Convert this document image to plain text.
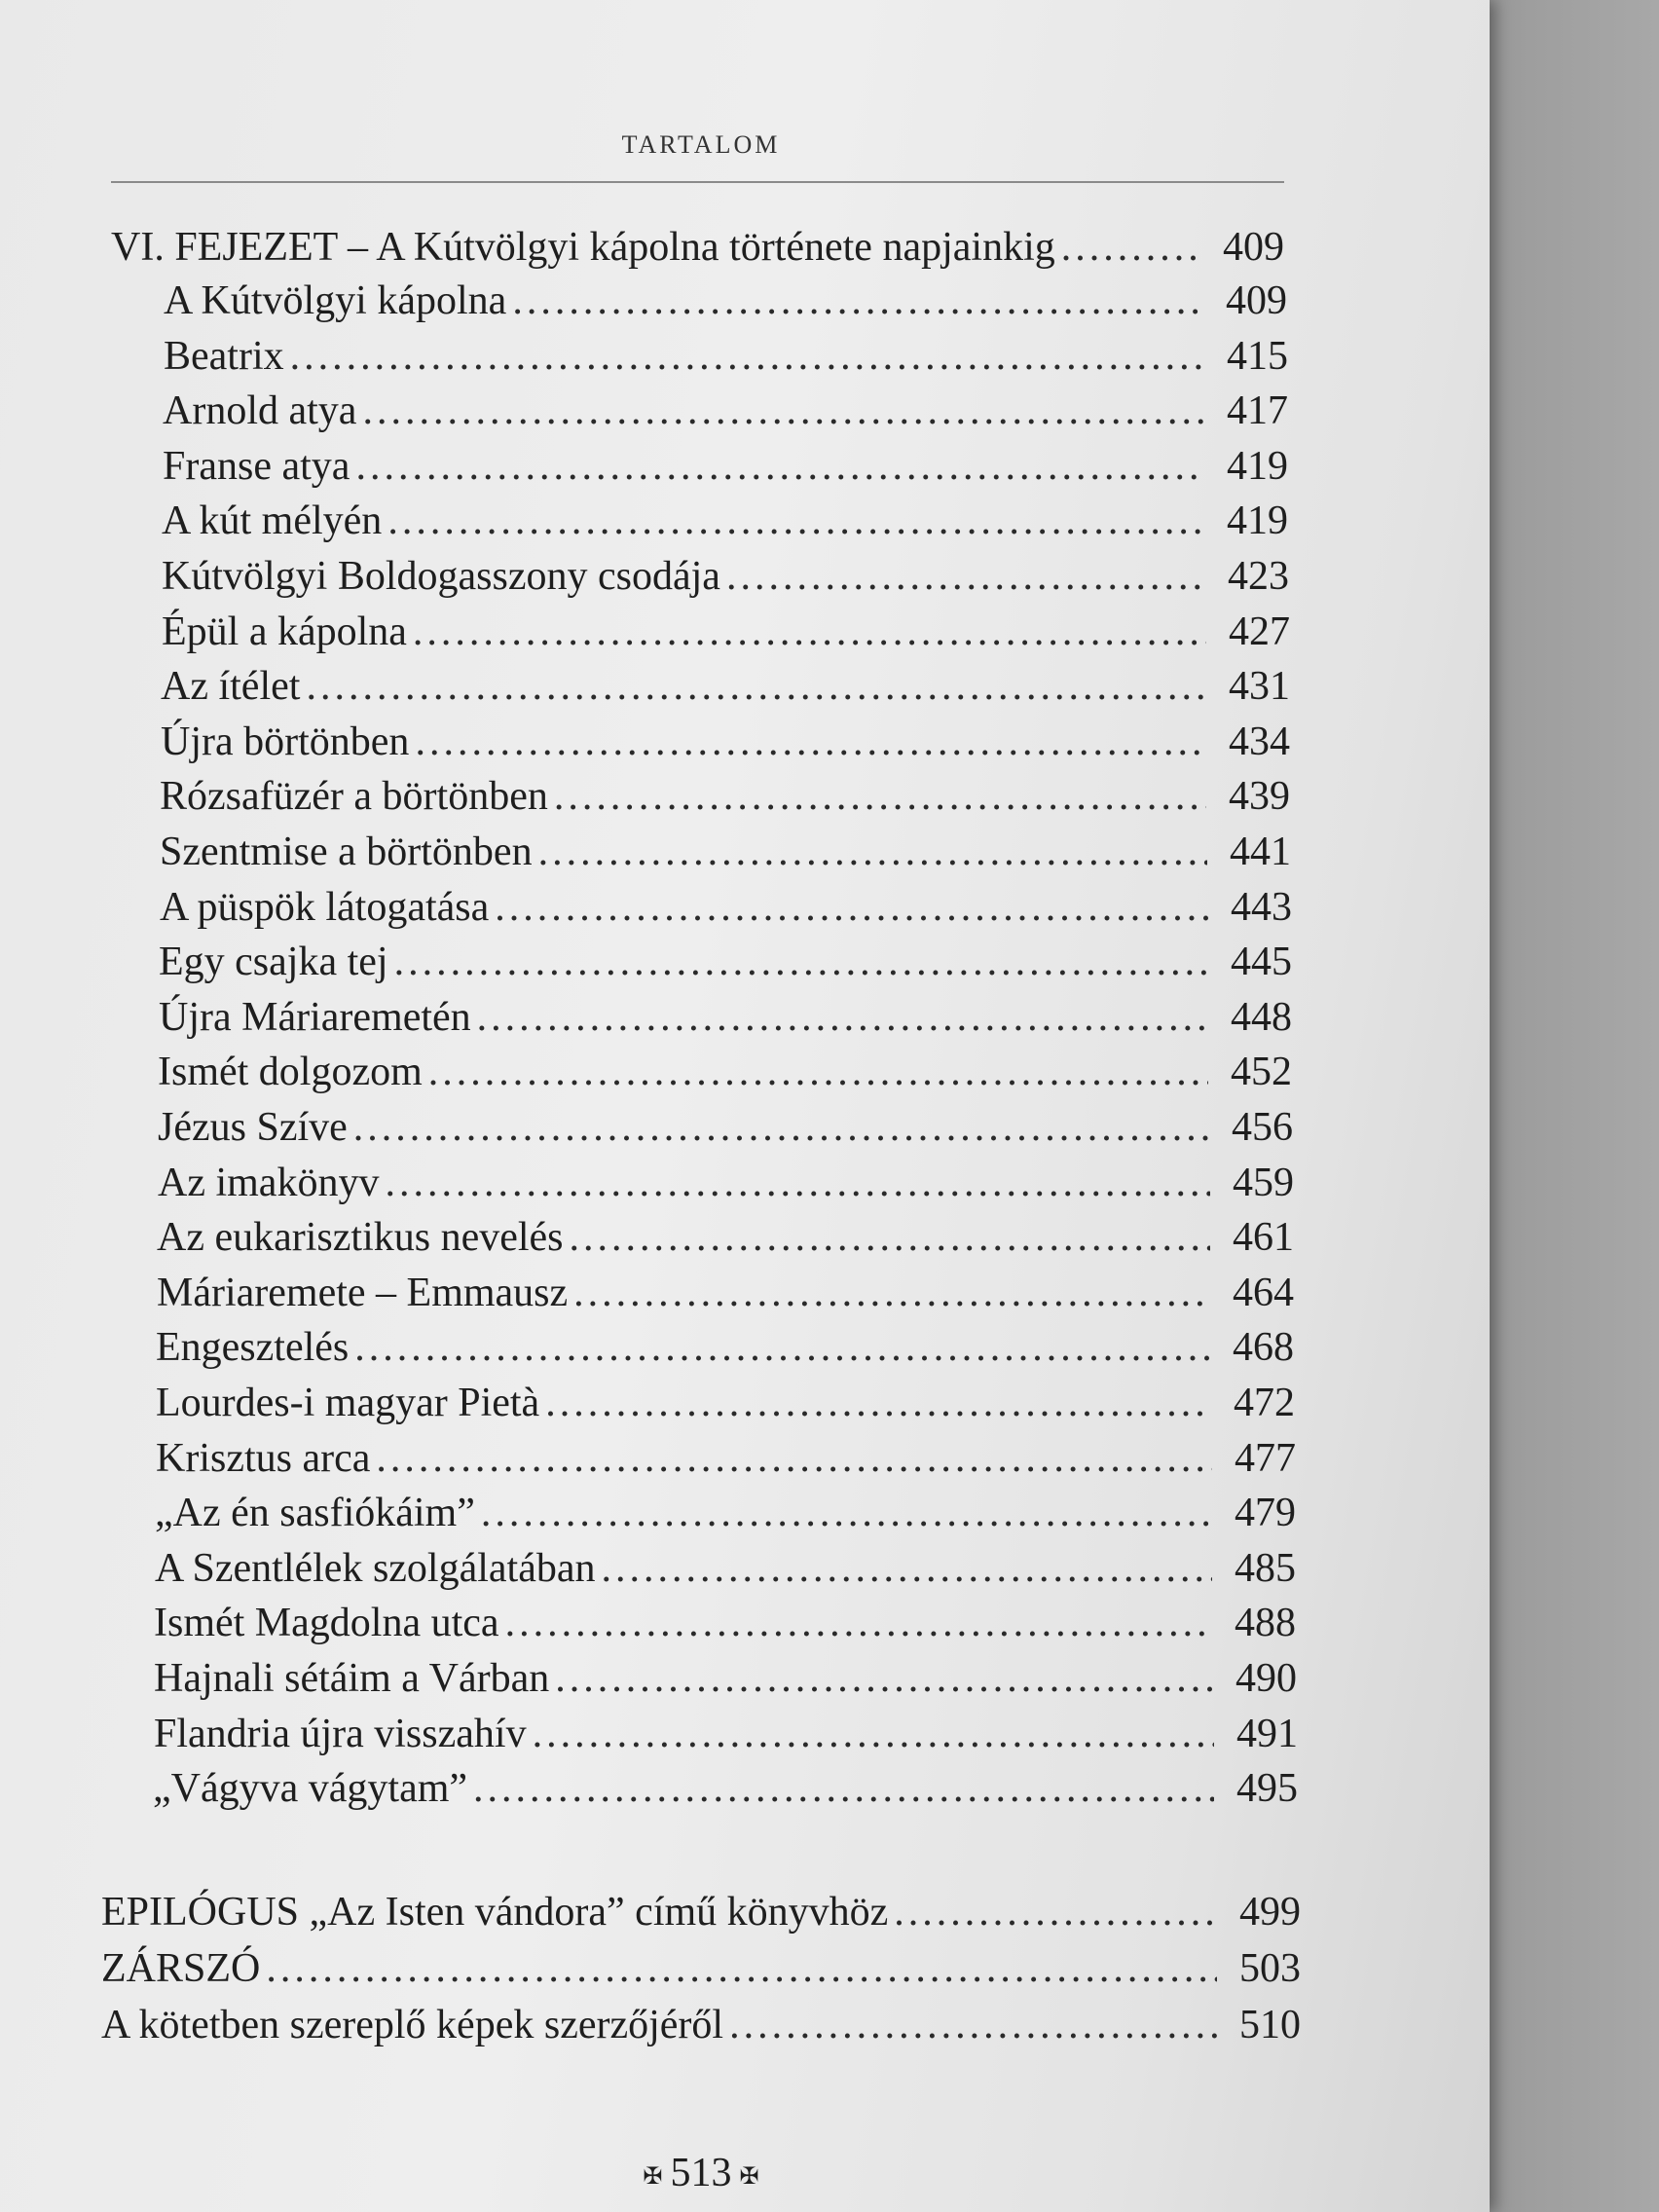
TARTALOM
VI. FEJEZET – A Kútvölgyi kápolna története napjainkig .....	409
A Kútvölgyi kápolna .....	409
Beatrix .....	415
Arnold atya .....	417
Franse atya .....	419
A kút mélyén .....	419
Kútvölgyi Boldogasszony csodája .....	423
Épül a kápolna .....	427
Az ítélet .....	431
Újra börtönben .....	434
Rózsafüzér a börtönben .....	439
Szentmise a börtönben .....	441
A püspök látogatása .....	443
Egy csajka tej .....	445
Újra Máriaremetén .....	448
Ismét dolgozom .....	452
Jézus Szíve .....	456
Az imakönyv .....	459
Az eukarisztikus nevelés .....	461
Máriaremete – Emmausz .....	464
Engesztelés .....	468
Lourdes-i magyar Pietà .....	472
Krisztus arca .....	477
„Az én sasfiókáim” .....	479
A Szentlélek szolgálatában .....	485
Ismét Magdolna utca .....	488
Hajnali sétáim a Várban .....	490
Flandria újra visszahív .....	491
„Vágyva vágytam” .....	495
EPILÓGUS „Az Isten vándora” című könyvhöz .....	499
ZÁRSZÓ .....	503
A kötetben szereplő képek szerzőjéről .....	510
✠ 513 ✠
